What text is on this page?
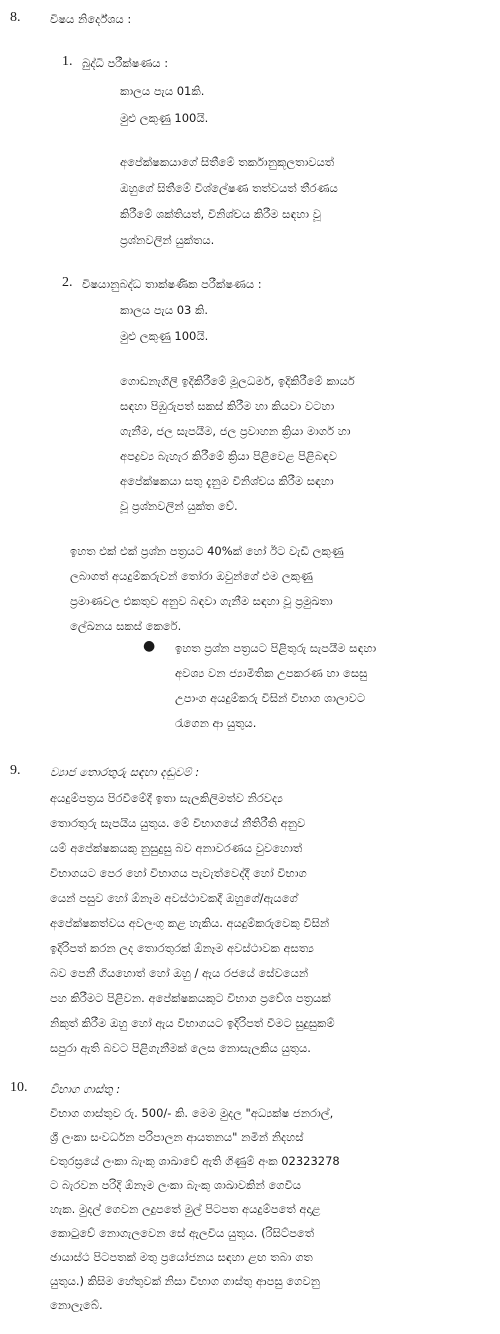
8.	විෂය නිර්දේශය :
1. බුද්ධි පරීක්ෂණය :
කාලය පැය 01කි.
මුළු ලකුණු 100යි.
අපේක්ෂකයාගේ සිතීමේ තර්කානුකූලතාවයත්
ඔහුගේ සිතීමේ විශ්ලේෂණ තත්වයත් තීරණය
කිරීමේ ශක්තියත්, විනිශ්චය කිරීම සඳහා වූ
ප්‍රශ්නවලින් යුක්තය.
2. විෂයානුබද්ධ තාක්ෂණික පරීක්ෂණය :
කාලය පැය 03 කි.
මුළු ලකුණු 100යි.
ගොඩනැගිලි ඉදිකිරීමේ මූලධර්ම, ඉදිකිරීමේ කාර්ය
සඳහා පිඹුරුපත් සකස් කිරීම හා කියවා වටහා
ගැනීම, ජල සැපයීම, ජල ප්‍රවාහන ක්‍රියා මාර්ග හා
අපද්‍රව්‍ය බැහැර කිරීමේ ක්‍රියා පිළිවෙළ පිළිබඳව
අපේක්ෂකයා සතු දැනුම විනිශ්චය කිරීම සඳහා
වූ ප්‍රශ්නවලින් යුක්ත වේ.
ඉහත එක් එක් ප්‍රශ්න පත්‍රයට 40%ක් හෝ ඊට වැඩි ලකුණු
ලබාගත් අයදුම්කරුවන් තෝරා ඔවුන්ගේ එම ලකුණු
ප්‍රමාණවල එකතුව අනුව බඳවා ගැනීම සඳහා වූ ප්‍රමුඛතා
ලේඛනය සකස් කෙරේ.
● ඉහත ප්‍රශ්න පත්‍රයට පිළිතුරු සැපයීම සඳහා
අවශ්‍ය වන ජ්‍යාමිතික උපකරණ හා සෙසු
උපාංග අයදුම්කරු විසින් විභාග ශාලාවට
රැගෙන ආ යුතුය.
9.	ව්‍යාජ තොරතුරු සඳහා දඬුවම් :
අයදුම්පත්‍රය පිරවීමේදී ඉතා සැලකිලිමත්ව නිරවද්‍ය
තොරතුරු සැපයිය යුතුය. මේ විභාගයේ නීතිරීති අනුව
යම් අපේක්ෂකයකු නුසුදුසු බව අනාවරණය වුවහොත්
විභාගයට පෙර හෝ විභාගය පැවැත්වෙද්දී හෝ විභාග
යෙන් පසුව හෝ ඕනෑම අවස්ථාවකදී ඔහුගේ/ඇයගේ
අපේක්ෂකත්වය අවලංගු කළ හැකිය. අයදුම්කරුවෙකු විසින්
ඉදිරිපත් කරන ලද තොරතුරක් ඕනෑම අවස්ථාවක අසත්‍ය
බව පෙනී ගියහොත් හෝ ඔහු / ඇය රජයේ සේවයෙන්
පහ කිරීමට පිළිවන. අපේක්ෂකයකුට විභාග ප්‍රවේශ පත්‍රයක්
නිකුත් කිරීම ඔහු හෝ ඇය විභාගයට ඉදිරිපත් වීමට සුදුසුකම්
සපුරා ඇති බවට පිළිගැනීමක් ලෙස නොසැලකිය යුතුය.
10. විභාග ගාස්තු :
විභාග ගාස්තුව රු. 500/- කි. මෙම මුදල "අධ්‍යක්ෂ ජනරාල්,
ශ්‍රී ලංකා සංවර්ධන පරිපාලන ආයතනය" නමින් නිදහස්
චතුරස්‍රයේ ලංකා බැංකු ශාඛාවේ ඇති ගිණුම් අංක 02323278
ට බැරවන පරිදි ඕනෑම ලංකා බැංකු ශාඛාවකින් ගෙවිය
හැක. මුදල් ගෙවන ලදුපතේ මුල් පිටපත අයදුම්පතේ අදාළ
කොටුවේ නොගැලවෙන සේ ඇලවිය යුතුය. (රිසිට්පතේ
ඡායාස්ථ පිටපතක් මතු ප්‍රයෝජනය සඳහා ළඟ තබා ගත
යුතුය.) කිසිම හේතුවක් නිසා විභාග ගාස්තු ආපසු ගෙවනු
නොලැබේ.
